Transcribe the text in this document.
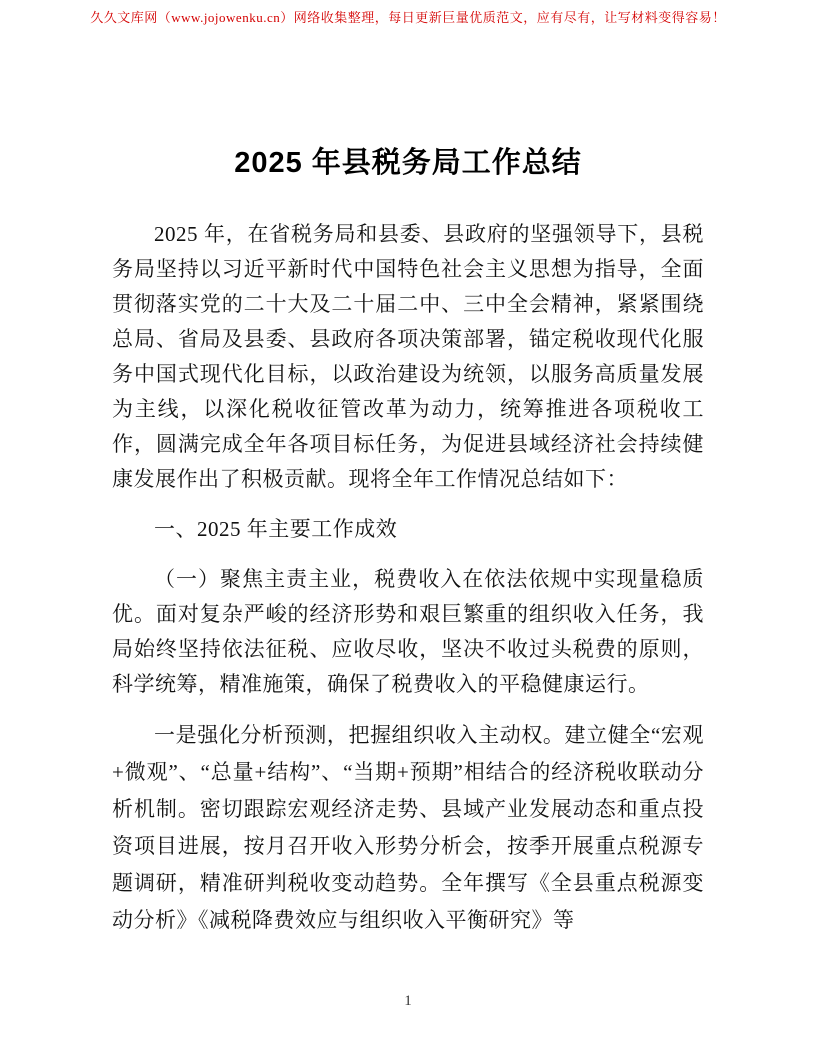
久久文库网（www.jojowenku.cn）网络收集整理，每日更新巨量优质范文，应有尽有，让写材料变得容易！
2025 年县税务局工作总结

2025 年，在省税务局和县委、县政府的坚强领导下，县税务局坚持以习近平新时代中国特色社会主义思想为指导，全面贯彻落实党的二十大及二十届二中、三中全会精神，紧紧围绕总局、省局及县委、县政府各项决策部署，锚定税收现代化服务中国式现代化目标，以政治建设为统领，以服务高质量发展为主线，以深化税收征管改革为动力，统筹推进各项税收工作，圆满完成全年各项目标任务，为促进县域经济社会持续健康发展作出了积极贡献。现将全年工作情况总结如下：

一、2025 年主要工作成效

（一）聚焦主责主业，税费收入在依法依规中实现量稳质优。面对复杂严峻的经济形势和艰巨繁重的组织收入任务，我局始终坚持依法征税、应收尽收，坚决不收过头税费的原则，科学统筹，精准施策，确保了税费收入的平稳健康运行。

一是强化分析预测，把握组织收入主动权。建立健全“宏观+微观”、“总量+结构”、“当期+预期”相结合的经济税收联动分析机制。密切跟踪宏观经济走势、县域产业发展动态和重点投资项目进展，按月召开收入形势分析会，按季开展重点税源专题调研，精准研判税收变动趋势。全年撰写《全县重点税源变动分析》《减税降费效应与组织收入平衡研究》等

1
